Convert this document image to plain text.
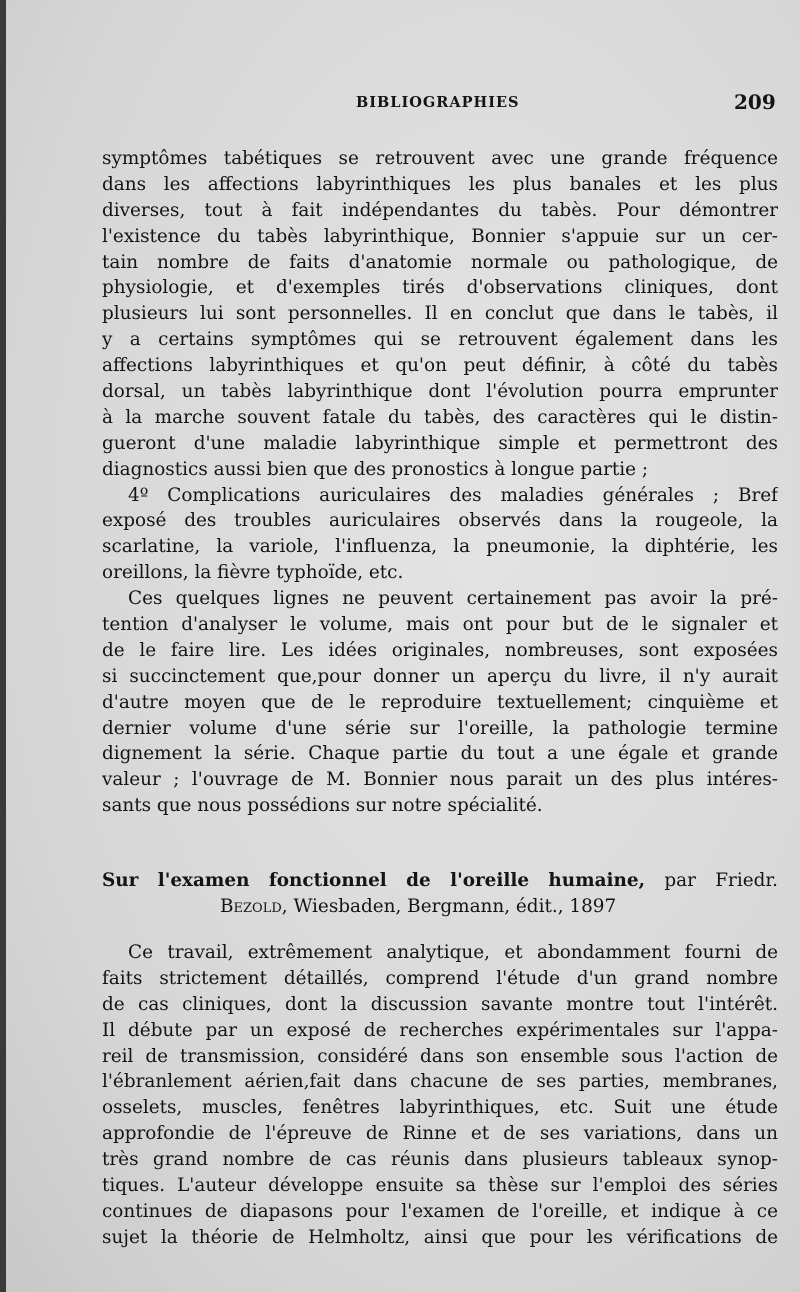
BIBLIOGRAPHIES	209
symptômes tabétiques se retrouvent avec une grande fréquence
dans les affections labyrinthiques les plus banales et les plus
diverses, tout à fait indépendantes du tabès. Pour démontrer
l'existence du tabès labyrinthique, Bonnier s'appuie sur un cer-
tain nombre de faits d'anatomie normale ou pathologique, de
physiologie, et d'exemples tirés d'observations cliniques, dont
plusieurs lui sont personnelles. Il en conclut que dans le tabès, il
y a certains symptômes qui se retrouvent également dans les
affections labyrinthiques et qu'on peut définir, à côté du tabès
dorsal, un tabès labyrinthique dont l'évolution pourra emprunter
à la marche souvent fatale du tabès, des caractères qui le distin-
gueront d'une maladie labyrinthique simple et permettront des
diagnostics aussi bien que des pronostics à longue partie ;
4º Complications auriculaires des maladies générales ; Bref
exposé des troubles auriculaires observés dans la rougeole, la
scarlatine, la variole, l'influenza, la pneumonie, la diphtérie, les
oreillons, la fièvre typhoïde, etc.
Ces quelques lignes ne peuvent certainement pas avoir la pré-
tention d'analyser le volume, mais ont pour but de le signaler et
de le faire lire. Les idées originales, nombreuses, sont exposées
si succinctement que,pour donner un aperçu du livre, il n'y aurait
d'autre moyen que de le reproduire textuellement; cinquième et
dernier volume d'une série sur l'oreille, la pathologie termine
dignement la série. Chaque partie du tout a une égale et grande
valeur ; l'ouvrage de M. Bonnier nous parait un des plus intéres-
sants que nous possédions sur notre spécialité.
Sur l'examen fonctionnel de l'oreille humaine, par Friedr.
Bezold, Wiesbaden, Bergmann, édit., 1897
Ce travail, extrêmement analytique, et abondamment fourni de
faits strictement détaillés, comprend l'étude d'un grand nombre
de cas cliniques, dont la discussion savante montre tout l'intérêt.
Il débute par un exposé de recherches expérimentales sur l'appa-
reil de transmission, considéré dans son ensemble sous l'action de
l'ébranlement aérien,fait dans chacune de ses parties, membranes,
osselets, muscles, fenêtres labyrinthiques, etc. Suit une étude
approfondie de l'épreuve de Rinne et de ses variations, dans un
très grand nombre de cas réunis dans plusieurs tableaux synop-
tiques. L'auteur développe ensuite sa thèse sur l'emploi des séries
continues de diapasons pour l'examen de l'oreille, et indique à ce
sujet la théorie de Helmholtz, ainsi que pour les vérifications de
